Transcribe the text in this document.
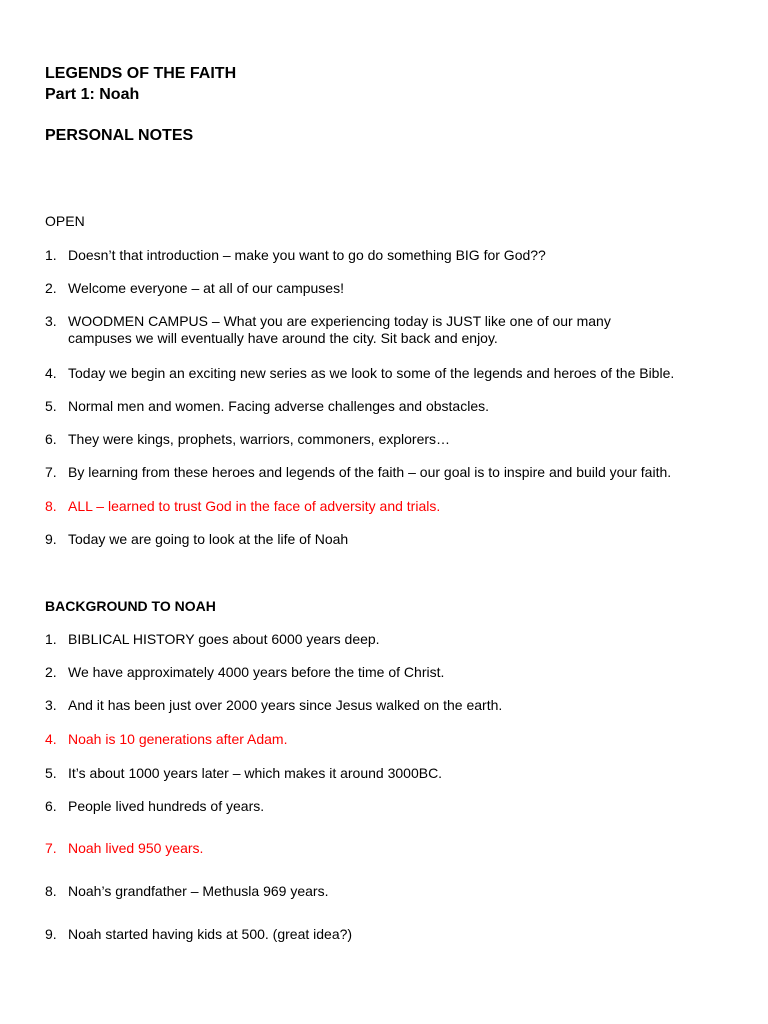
LEGENDS OF THE FAITH
Part 1: Noah
PERSONAL NOTES
OPEN
1. Doesn’t that introduction – make you want to go do something BIG for God??
2. Welcome everyone – at all of our campuses!
3. WOODMEN CAMPUS – What you are experiencing today is JUST like one of our many campuses we will eventually have around the city. Sit back and enjoy.
4. Today we begin an exciting new series as we look to some of the legends and heroes of the Bible.
5. Normal men and women. Facing adverse challenges and obstacles.
6. They were kings, prophets, warriors, commoners, explorers…
7. By learning from these heroes and legends of the faith – our goal is to inspire and build your faith.
8. ALL – learned to trust God in the face of adversity and trials.
9. Today we are going to look at the life of Noah
BACKGROUND TO NOAH
1. BIBLICAL HISTORY goes about 6000 years deep.
2. We have approximately 4000 years before the time of Christ.
3. And it has been just over 2000 years since Jesus walked on the earth.
4. Noah is 10 generations after Adam.
5. It’s about 1000 years later – which makes it around 3000BC.
6. People lived hundreds of years.
7. Noah lived 950 years.
8. Noah’s grandfather – Methusla 969 years.
9. Noah started having kids at 500. (great idea?)
